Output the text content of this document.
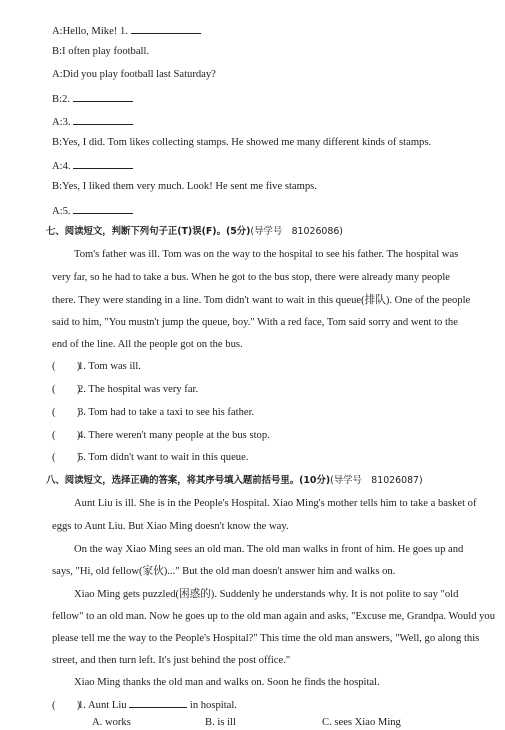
A:Hello, Mike! 1.
B:I often play football.
A:Did you play football last Saturday?
B:2.
A:3.
B:Yes, I did. Tom likes collecting stamps. He showed me many different kinds of stamps.
A:4.
B:Yes, I liked them very much. Look! He sent me five stamps.
A:5.
七、阅读短文，判断下列句子正(T)误(F)。(5分)(导学号　81026086)
Tom's father was ill. Tom was on the way to the hospital to see his father. The hospital was
very far, so he had to take a bus. When he got to the bus stop, there were already many people
there. They were standing in a line. Tom didn't want to wait in this queue(排队). One of the people
said to him, "You mustn't jump the queue, boy." With a red face, Tom said sorry and went to the
end of the line. All the people got on the bus.
(　　)1. Tom was ill.
(　　)2. The hospital was very far.
(　　)3. Tom had to take a taxi to see his father.
(　　)4. There weren't many people at the bus stop.
(　　)5. Tom didn't want to wait in this queue.
八、阅读短文，选择正确的答案，将其序号填入题前括号里。(10分)(导学号　81026087)
Aunt Liu is ill. She is in the People's Hospital. Xiao Ming's mother tells him to take a basket of
eggs to Aunt Liu. But Xiao Ming doesn't know the way.
On the way Xiao Ming sees an old man. The old man walks in front of him. He goes up and
says, "Hi, old fellow(家伙)..." But the old man doesn't answer him and walks on.
Xiao Ming gets puzzled(困惑的). Suddenly he understands why. It is not polite to say "old
fellow" to an old man. Now he goes up to the old man again and asks, "Excuse me, Grandpa. Would you
please tell me the way to the People's Hospital?" This time the old man answers, "Well, go along this
street, and then turn left. It's just behind the post office."
Xiao Ming thanks the old man and walks on. Soon he finds the hospital.
(　　)1. Aunt Liu	in hospital.
A. works	B. is ill	C. sees Xiao Ming
